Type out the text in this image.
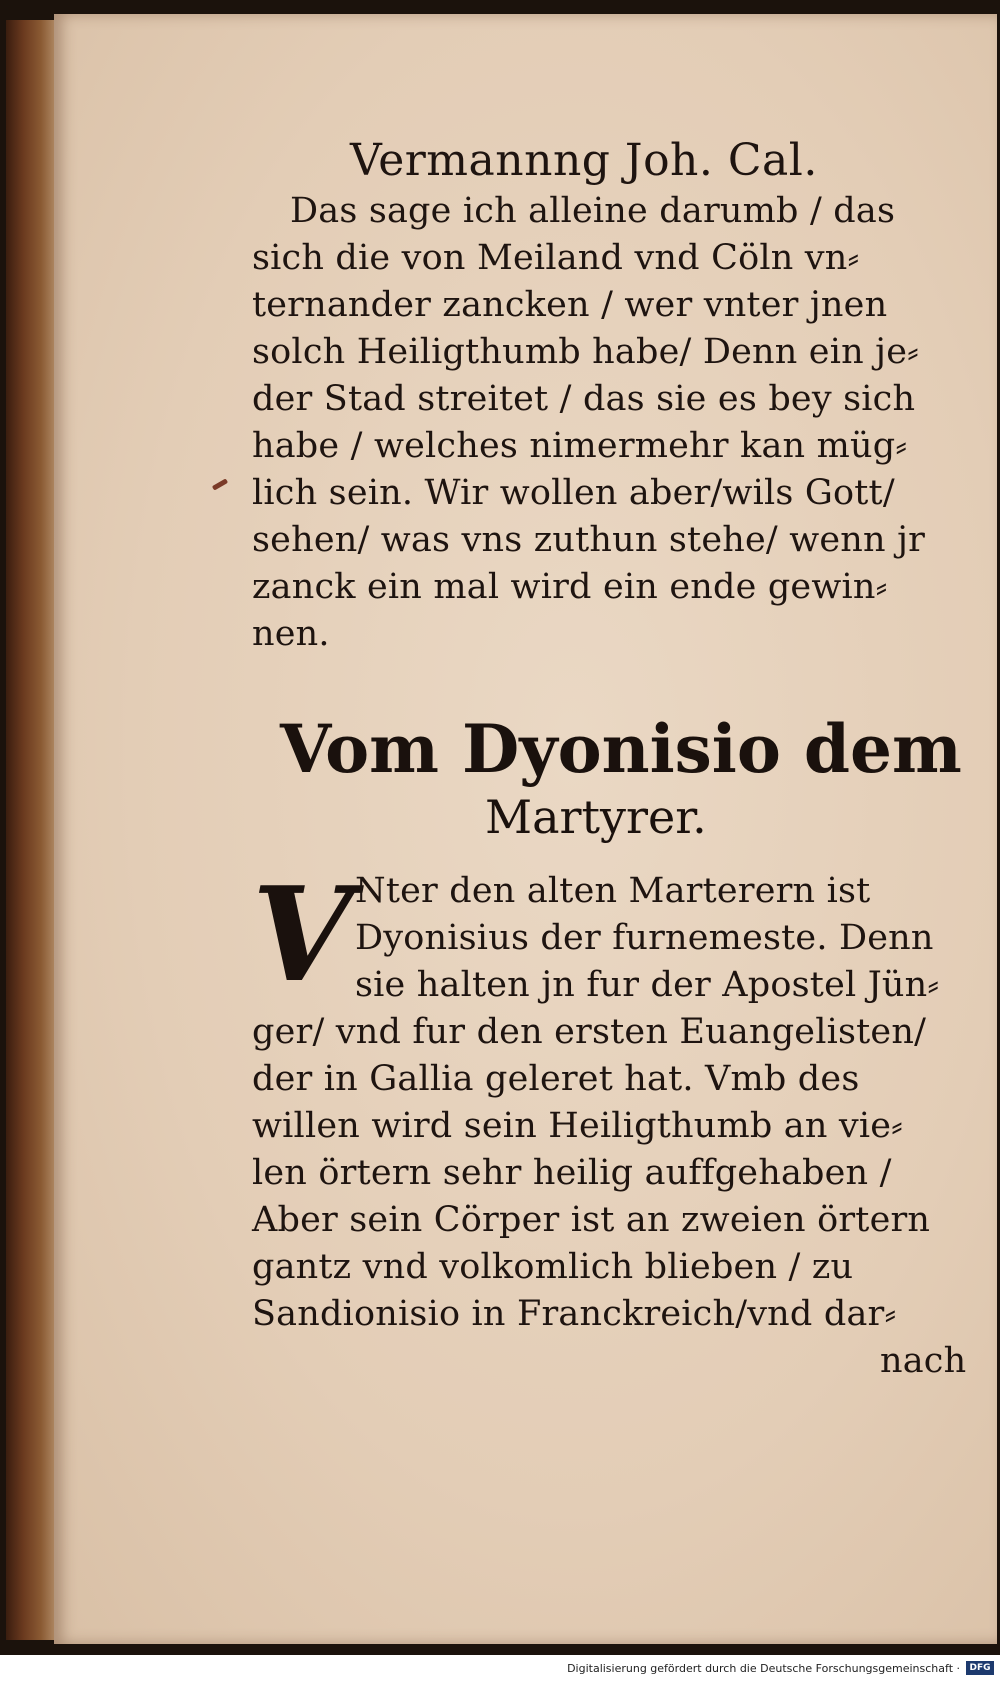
Vermannng Joh. Cal.
Das sage ich alleine darumb / das
sich die von Meiland vnd Cöln vn⸗
ternander zancken / wer vnter jnen
solch Heiligthumb habe/ Denn ein je⸗
der Stad streitet / das sie es bey sich
habe / welches nimermehr kan müg⸗
lich sein. Wir wollen aber/wils Gott/
sehen/ was vns zuthun stehe/ wenn jr
zanck ein mal wird ein ende gewin⸗
nen.
Vom Dyonisio dem
Martyrer.
V Nter den alten Marterern ist
Dyonisius der furnemeste. Denn
sie halten jn fur der Apostel Jün⸗
ger/ vnd fur den ersten Euangelisten/
der in Gallia geleret hat. Vmb des
willen wird sein Heiligthumb an vie⸗
len örtern sehr heilig auffgehaben /
Aber sein Cörper ist an zweien örtern
gantz vnd volkomlich blieben / zu
Sandionisio in Franckreich/vnd dar⸗
nach
Digitalisierung gefördert durch die Deutsche Forschungsgemeinschaft ·	DFG
